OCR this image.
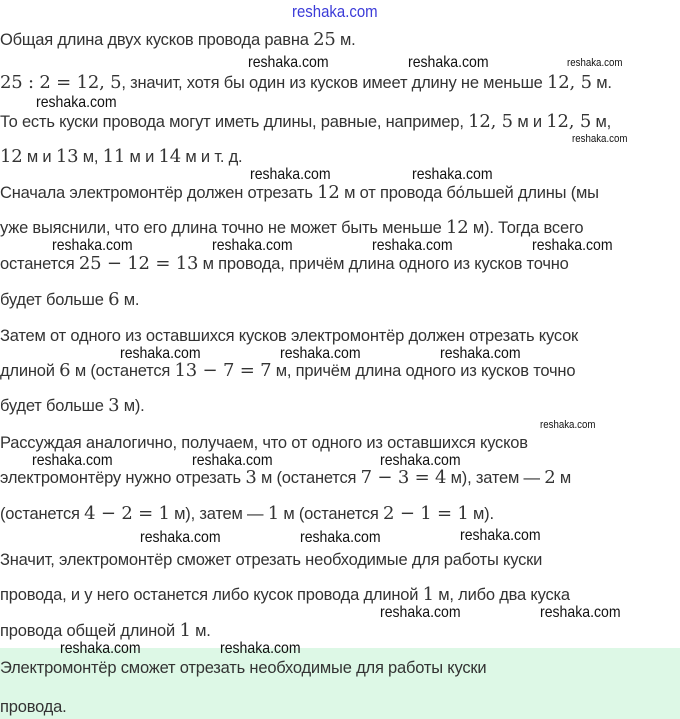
Электромонтёр сможет отрезать необходимые для работы куски
провода.
Общая длина двух кусков провода равна 25 м.
25 : 2 = 12, 5, значит, хотя бы один из кусков имеет длину не меньше 12, 5 м.
То есть куски провода могут иметь длины, равные, например, 12, 5 м и 12, 5 м,
12 м и 13 м, 11 м и 14 м и т. д.
Сначала электромонтёр должен отрезать 12 м от провода бо́льшей длины (мы
уже выяснили, что его длина точно не может быть меньше 12 м). Тогда всего
останется 25 − 12 = 13 м провода, причём длина одного из кусков точно
будет больше 6 м.
Затем от одного из оставшихся кусков электромонтёр должен отрезать кусок
длиной 6 м (останется 13 − 7 = 7 м, причём длина одного из кусков точно
будет больше 3 м).
Рассуждая аналогично, получаем, что от одного из оставшихся кусков
электромонтёру нужно отрезать 3 м (останется 7 − 3 = 4 м), затем — 2 м
(останется 4 − 2 = 1 м), затем — 1 м (останется 2 − 1 = 1 м).
Значит, электромонтёр сможет отрезать необходимые для работы куски
провода, и у него останется либо кусок провода длиной 1 м, либо два куска
провода общей длиной 1 м.
reshaka.com
reshaka.com	reshaka.com	reshaka.com
reshaka.com
reshaka.com
reshaka.com	reshaka.com
reshaka.com	reshaka.com	reshaka.com	reshaka.com
reshaka.com	reshaka.com	reshaka.com
reshaka.com
reshaka.com	reshaka.com	reshaka.com
reshaka.com	reshaka.com	reshaka.com
reshaka.com	reshaka.com
reshaka.com	reshaka.com
